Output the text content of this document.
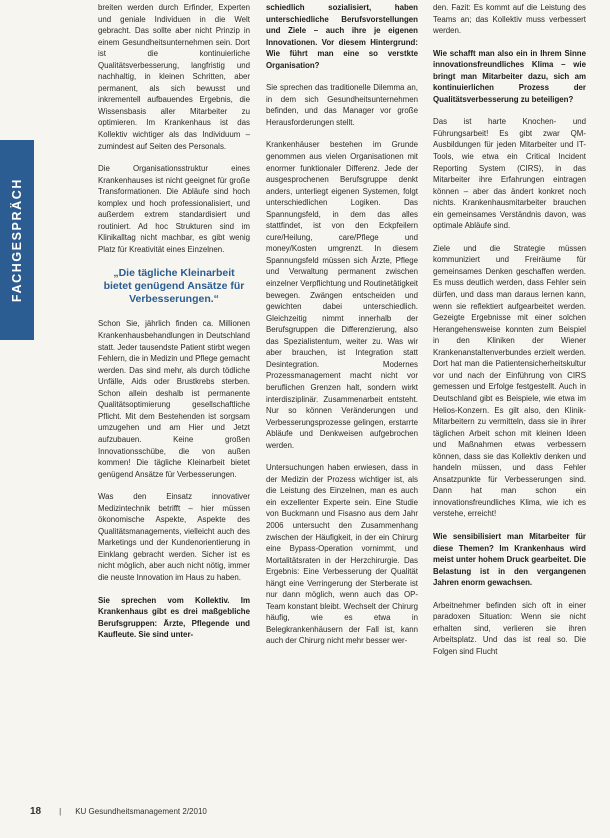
FACHGESPRÄCH

breiten werden durch Erfinder, Experten und geniale Individuen in die Welt gebracht. Das sollte aber nicht Prinzip in einem Gesundheitsunternehmen sein. Dort ist die kontinuierliche Qualitätsverbesserung, langfristig und nachhaltig, in kleinen Schritten, aber permanent, als sich bewusst und inkrementell aufbauendes Ergebnis, die Wissensbasis aller Mitarbeiter zu optimieren. Im Krankenhaus ist das Kollektiv wichtiger als das Individuum – zumindest auf Seiten des Personals.

Die Organisationsstruktur eines Krankenhauses ist nicht geeignet für große Transformationen. Die Abläufe sind hoch komplex und hoch professionalisiert, und außerdem extrem standardisiert und routiniert. Ad hoc Strukturen sind im Klinikalltag nicht machbar, es gibt wenig Platz für Kreativität eines Einzelnen.

„Die tägliche Kleinarbeit bietet genügend Ansätze für Verbesserungen.“

Schon Sie, jährlich finden ca. Millionen Krankenhausbehandlungen in Deutschland statt. Jeder tausendste Patient stirbt wegen Fehlern, die in Medizin und Pflege gemacht werden. Das sind mehr, als durch tödliche Unfälle, Aids oder Brustkrebs sterben. Schon allein deshalb ist permanente Qualitätsoptimierung gesellschaftliche Pflicht. Mit dem Bestehenden ist sorgsam umzugehen und am Hier und Jetzt aufzubauen. Keine großen Innovationsschübe, die von außen kommen! Die tägliche Kleinarbeit bietet genügend Ansätze für Verbesserungen.

Was den Einsatz innovativer Medizintechnik betrifft – hier müssen ökonomische Aspekte, Aspekte des Qualitätsmanagements, vielleicht auch des Marketings und der Kundenorientierung in Einklang gebracht werden. Sicher ist es nicht möglich, aber auch nicht nötig, immer die neuste Innovation im Haus zu haben.

Sie sprechen vom Kollektiv. Im Krankenhaus gibt es drei maßgebliche Berufsgruppen: Ärzte, Pflegende und Kaufleute. Sie sind unter-

schiedlich sozialisiert, haben unterschiedliche Berufsvorstellungen und Ziele – auch ihre je eigenen Innovationen. Vor diesem Hintergrund: Wie führt man eine so verstkte Organisation?

Sie sprechen das traditionelle Dilemma an, in dem sich Gesundheitsunternehmen befinden, und das Manager vor große Herausforderungen stellt.

Krankenhäuser bestehen im Grunde genommen aus vielen Organisationen mit enormer funktionaler Differenz. Jede der ausgesprochenen Berufsgruppe denkt anders, unterliegt eigenen Systemen, folgt unterschiedlichen Logiken. Das Spannungsfeld, in dem das alles stattfindet, ist von den Eckpfeilern cure/Heilung, care/Pflege und money/Kosten umgrenzt. In diesem Spannungsfeld müssen sich Ärzte, Pflege und Verwaltung permanent zwischen einzelner Verpflichtung und Routinetätigkeit bewegen. Zwängen entscheiden und gewichten dabei unterschiedlich. Gleichzeitig nimmt innerhalb der Berufsgruppen die Differenzierung, also das Spezialistentum, weiter zu. Was wir aber brauchen, ist Integration statt Desintegration. Modernes Prozessmanagement macht nicht vor beruflichen Grenzen halt, sondern wirkt interdisziplinär. Zusammenarbeit entsteht. Nur so können Veränderungen und Verbesserungsprozesse gelingen, erstarrte Abläufe und Denkweisen aufgebrochen werden.

Untersuchungen haben erwiesen, dass in der Medizin der Prozess wichtiger ist, als die Leistung des Einzelnen, man es auch ein exzellenter Experte sein. Eine Studie von Buckmann und Fisasno aus dem Jahr 2006 untersucht den Zusammenhang zwischen der Häufigkeit, in der ein Chirurg eine Bypass-Operation vornimmt, und Mortalitätsraten in der Herzchirurgie. Das Ergebnis: Eine Verbesserung der Qualität hängt eine Verringerung der Sterberate ist nur dann möglich, wenn auch das OP-Team konstant bleibt. Wechselt der Chirurg häufig, wie es etwa in Belegkrankenhäusern der Fall ist, kann auch der Chirurg nicht mehr besser wer-

den. Fazit: Es kommt auf die Leistung des Teams an; das Kollektiv muss verbessert werden.

Wie schafft man also ein in Ihrem Sinne innovationsfreundliches Klima – wie bringt man Mitarbeiter dazu, sich am kontinuierlichen Prozess der Qualitätsverbesserung zu beteiligen?

Das ist harte Knochen- und Führungsarbeit! Es gibt zwar QM-Ausbildungen für jeden Mitarbeiter und IT-Tools, wie etwa ein Critical Incident Reporting System (CIRS), in das Mitarbeiter ihre Erfahrungen eintragen können – aber das ändert konkret noch nichts. Krankenhausmitarbeiter brauchen ein gemeinsames Verständnis davon, was optimale Abläufe sind.

Ziele und die Strategie müssen kommuniziert und Freiräume für gemeinsames Denken geschaffen werden. Es muss deutlich werden, dass Fehler sein dürfen, und dass man daraus lernen kann, wenn sie reflektiert aufgearbeitet werden. Gezeigte Ergebnisse mit einer solchen Herangehensweise konnten zum Beispiel in den Kliniken der Wiener Krankenanstaltenverbundes erzielt werden. Dort hat man die Patientensicherheitskultur vor und nach der Einführung von CIRS gemessen und Erfolge festgestellt. Auch in Deutschland gibt es Beispiele, wie etwa im Helios-Konzern. Es gilt also, den Klinik-Mitarbeitern zu vermitteln, dass sie in ihrer täglichen Arbeit schon mit kleinen Ideen und Maßnahmen etwas verbessern können, dass sie das Kollektiv denken und handeln müssen, und dass Fehler Ansatzpunkte für Verbesserungen sind. Dann hat man schon ein innovationsfreundliches Klima, wie ich es verstehe, erreicht!

Wie sensibilisiert man Mitarbeiter für diese Themen? Im Krankenhaus wird meist unter hohem Druck gearbeitet. Die Belastung ist in den vergangenen Jahren enorm gewachsen.

Arbeitnehmer befinden sich oft in einer paradoxen Situation: Wenn sie nicht erhalten sind, verlieren sie ihren Arbeitsplatz. Und das ist real so. Die Folgen sind Flucht

18 | KU Gesundheitsmanagement 2/2010
